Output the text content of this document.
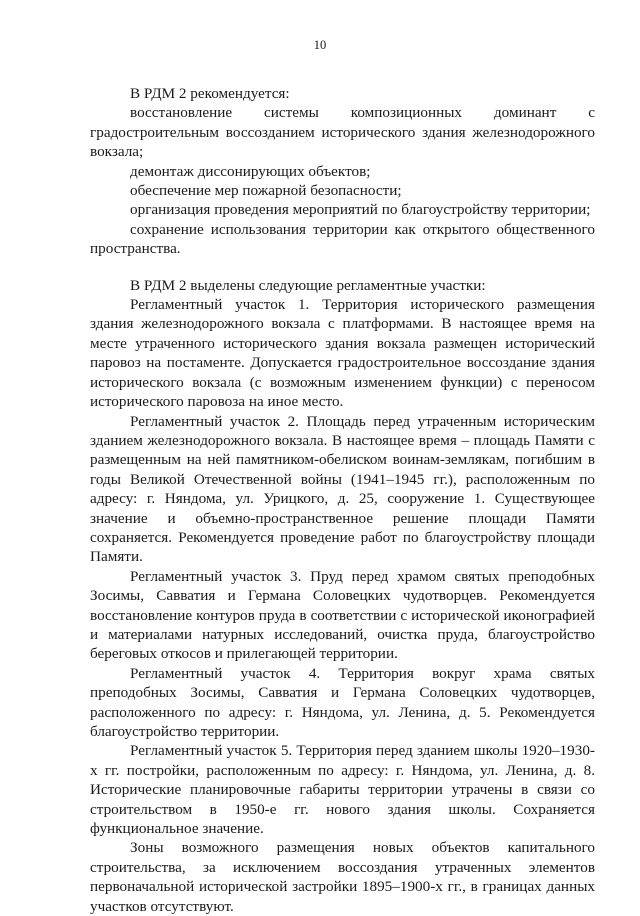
10

В РДМ 2 рекомендуется:

восстановление системы композиционных доминант с градостроительным воссозданием исторического здания железнодорожного вокзала;

демонтаж диссонирующих объектов;

обеспечение мер пожарной безопасности;

организация проведения мероприятий по благоустройству территории;

сохранение использования территории как открытого общественного пространства.

В РДМ 2 выделены следующие регламентные участки:

Регламентный участок 1. Территория исторического размещения здания железнодорожного вокзала с платформами. В настоящее время на месте утраченного исторического здания вокзала размещен исторический паровоз на постаменте. Допускается градостроительное воссоздание здания исторического вокзала (с возможным изменением функции) с переносом исторического паровоза на иное место.

Регламентный участок 2. Площадь перед утраченным историческим зданием железнодорожного вокзала. В настоящее время – площадь Памяти с размещенным на ней памятником-обелиском воинам-землякам, погибшим в годы Великой Отечественной войны (1941–1945 гг.), расположенным по адресу: г. Няндома, ул. Урицкого, д. 25, сооружение 1. Существующее значение и объемно-пространственное решение площади Памяти сохраняется. Рекомендуется проведение работ по благоустройству площади Памяти.

Регламентный участок 3. Пруд перед храмом святых преподобных Зосимы, Савватия и Германа Соловецких чудотворцев. Рекомендуется восстановление контуров пруда в соответствии с исторической иконографией и материалами натурных исследований, очистка пруда, благоустройство береговых откосов и прилегающей территории.

Регламентный участок 4. Территория вокруг храма святых преподобных Зосимы, Савватия и Германа Соловецких чудотворцев, расположенного по адресу: г. Няндома, ул. Ленина, д. 5. Рекомендуется благоустройство территории.

Регламентный участок 5. Территория перед зданием школы 1920–1930-х гг. постройки, расположенным по адресу: г. Няндома, ул. Ленина, д. 8. Исторические планировочные габариты территории утрачены в связи со строительством в 1950-е гг. нового здания школы. Сохраняется функциональное значение.

Зоны возможного размещения новых объектов капитального строительства, за исключением воссоздания утраченных элементов первоначальной исторической застройки 1895–1900-х гг., в границах данных участков отсутствуют.
